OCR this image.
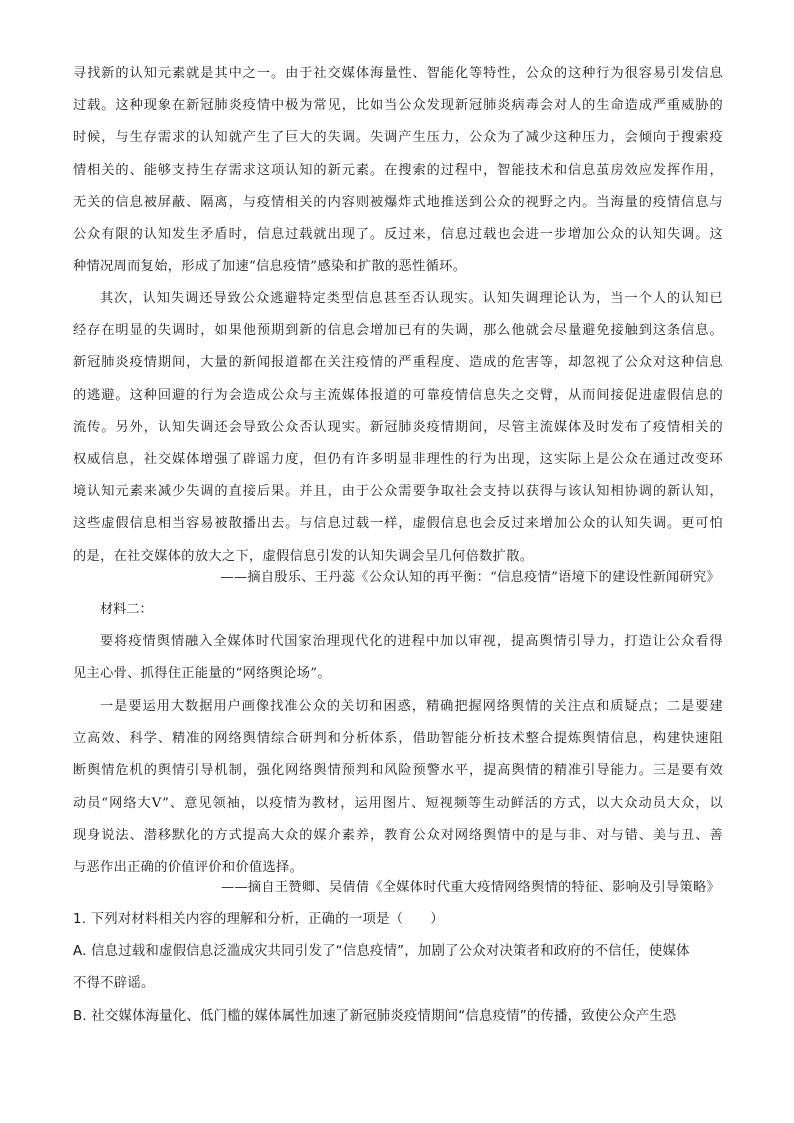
寻找新的认知元素就是其中之一。由于社交媒体海量性、智能化等特性，公众的这种行为很容易引发信息
过载。这种现象在新冠肺炎疫情中极为常见，比如当公众发现新冠肺炎病毒会对人的生命造成严重威胁的
时候，与生存需求的认知就产生了巨大的失调。失调产生压力，公众为了减少这种压力，会倾向于搜索疫
情相关的、能够支持生存需求这项认知的新元素。在搜索的过程中，智能技术和信息茧房效应发挥作用，
无关的信息被屏蔽、隔离，与疫情相关的内容则被爆炸式地推送到公众的视野之内。当海量的疫情信息与
公众有限的认知发生矛盾时，信息过载就出现了。反过来，信息过载也会进一步增加公众的认知失调。这
种情况周而复始，形成了加速“信息疫情”感染和扩散的恶性循环。
其次，认知失调还导致公众逃避特定类型信息甚至否认现实。认知失调理论认为，当一个人的认知已
经存在明显的失调时，如果他预期到新的信息会增加已有的失调，那么他就会尽量避免接触到这条信息。
新冠肺炎疫情期间，大量的新闻报道都在关注疫情的严重程度、造成的危害等，却忽视了公众对这种信息
的逃避。这种回避的行为会造成公众与主流媒体报道的可靠疫情信息失之交臂，从而间接促进虚假信息的
流传。另外，认知失调还会导致公众否认现实。新冠肺炎疫情期间，尽管主流媒体及时发布了疫情相关的
权威信息，社交媒体增强了辟谣力度，但仍有许多明显非理性的行为出现，这实际上是公众在通过改变环
境认知元素来减少失调的直接后果。并且，由于公众需要争取社会支持以获得与该认知相协调的新认知，
这些虚假信息相当容易被散播出去。与信息过载一样，虚假信息也会反过来增加公众的认知失调。更可怕
的是，在社交媒体的放大之下，虚假信息引发的认知失调会呈几何倍数扩散。
——摘自殷乐、王丹蕊《公众认知的再平衡：“信息疫情”语境下的建设性新闻研究》
材料二：
要将疫情舆情融入全媒体时代国家治理现代化的进程中加以审视，提高舆情引导力，打造让公众看得
见主心骨、抓得住正能量的“网络舆论场”。
一是要运用大数据用户画像找准公众的关切和困惑，精确把握网络舆情的关注点和质疑点；二是要建
立高效、科学、精准的网络舆情综合研判和分析体系，借助智能分析技术整合提炼舆情信息，构建快速阻
断舆情危机的舆情引导机制，强化网络舆情预判和风险预警水平，提高舆情的精准引导能力。三是要有效
动员“网络大V”、意见领袖，以疫情为教材，运用图片、短视频等生动鲜活的方式，以大众动员大众，以
现身说法、潜移默化的方式提高大众的媒介素养，教育公众对网络舆情中的是与非、对与错、美与丑、善
与恶作出正确的价值评价和价值选择。
——摘自王赞卿、吴倩倩《全媒体时代重大疫情网络舆情的特征、影响及引导策略》
1. 下列对材料相关内容的理解和分析，正确的一项是（　　）
A. 信息过载和虚假信息泛滥成灾共同引发了“信息疫情”，加剧了公众对决策者和政府的不信任，使媒体
不得不辟谣。
B. 社交媒体海量化、低门槛的媒体属性加速了新冠肺炎疫情期间“信息疫情”的传播，致使公众产生恐
